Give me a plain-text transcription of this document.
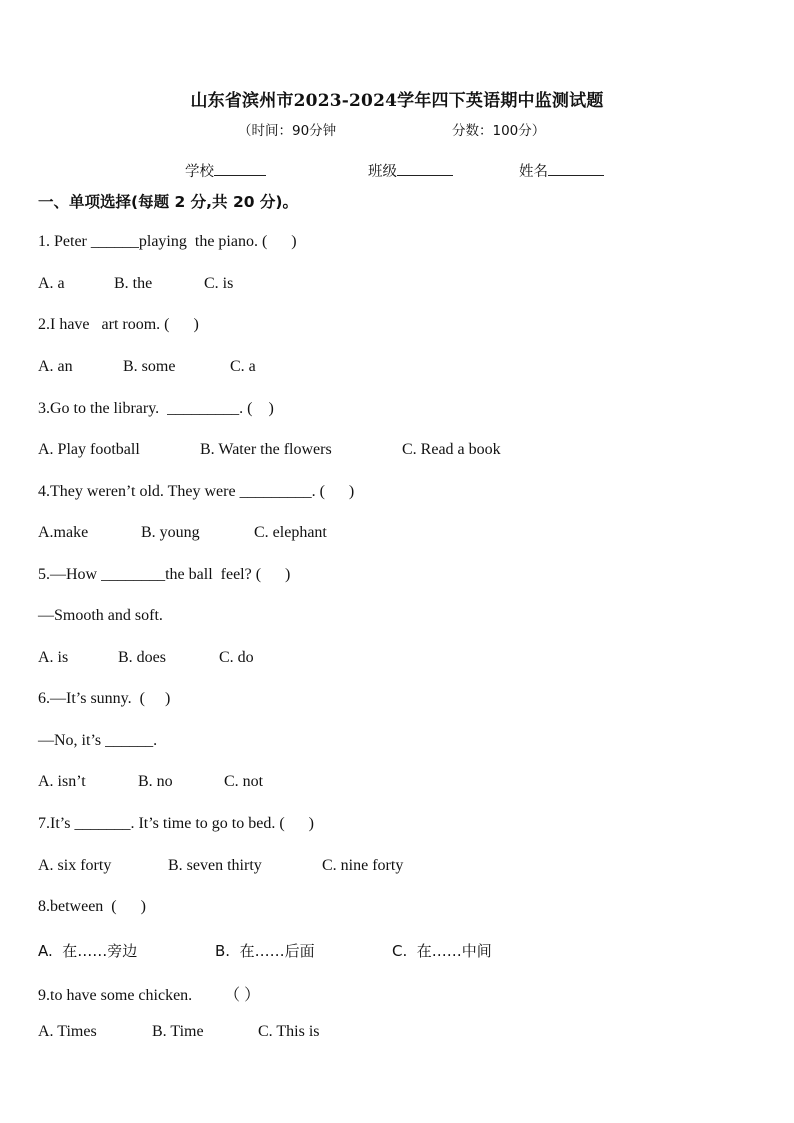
山东省滨州市2023-2024学年四下英语期中监测试题
（时间：90分钟	分数：100分）
学校	班级	姓名
一、单项选择(每题 2 分,共 20 分)。
1. Peter ______playing  the piano. (      )
A. a	B. the	C. is
2.I have   art room. (      )
A. an	B. some	C. a
3.Go to the library.  _________. (    )
A. Play football	B. Water the flowers	C. Read a book
4.They weren’t old. They were _________. (      )
A.make	B. young	C. elephant
5.—How ________the ball  feel? (      )
—Smooth and soft.
A. is	B. does	C. do
6.—It’s sunny.  (     )
—No, it’s ______.
A. isn’t	B. no	C. not
7.It’s _______. It’s time to go to bed. (      )
A. six forty	B. seven thirty	C. nine forty
8.between  (      )
A.  在……旁边	B.  在……后面	C.  在……中间
9.to have some chicken.        （ ）
A. Times	B. Time	C. This is
